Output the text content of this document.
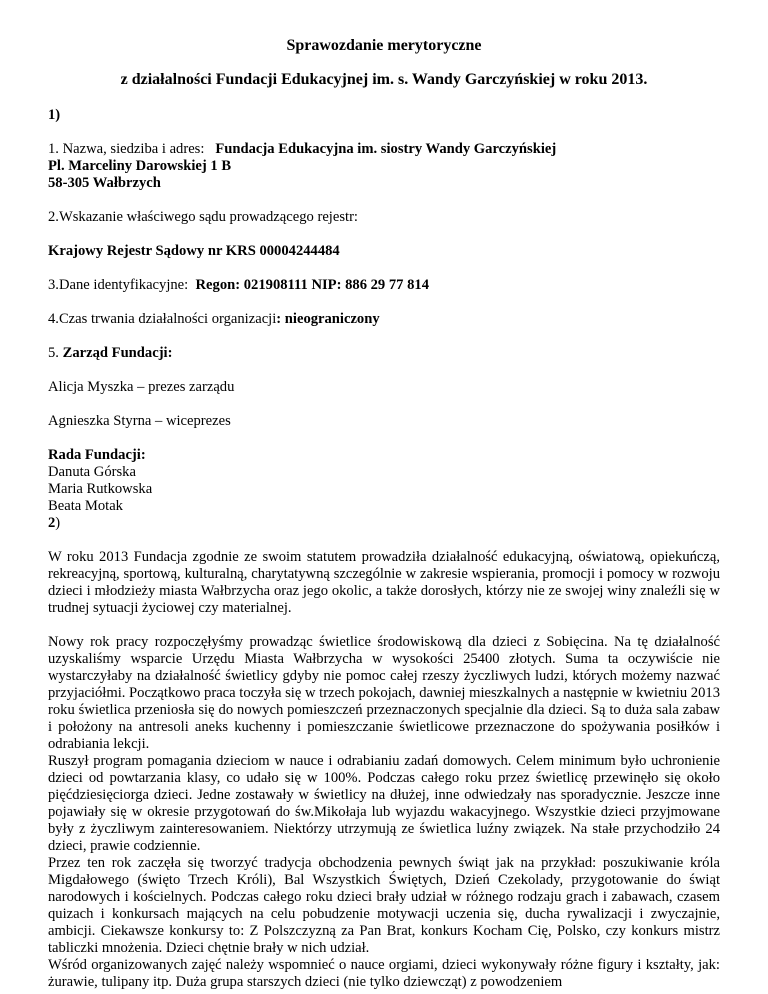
Sprawozdanie merytoryczne

z działalności Fundacji Edukacyjnej im. s. Wandy Garczyńskiej w roku 2013.

1)

1. Nazwa, siedziba i adres: Fundacja Edukacyjna im. siostry Wandy Garczyńskiej

Pl. Marceliny Darowskiej 1 B

58-305 Wałbrzych

2.Wskazanie właściwego sądu prowadzącego rejestr:

Krajowy Rejestr Sądowy nr KRS 00004244484

3.Dane identyfikacyjne: Regon: 021908111 NIP: 886 29 77 814

4.Czas trwania działalności organizacji: nieograniczony

5. Zarząd Fundacji:

Alicja Myszka – prezes zarządu

Agnieszka Styrna – wiceprezes

Rada Fundacji:

Danuta Górska

Maria Rutkowska

Beata Motak

2)

W roku 2013 Fundacja zgodnie ze swoim statutem prowadziła działalność edukacyjną, oświatową, opiekuńczą, rekreacyjną, sportową, kulturalną, charytatywną szczególnie w zakresie wspierania, promocji i pomocy w rozwoju dzieci i młodzieży miasta Wałbrzycha oraz jego okolic, a także dorosłych, którzy nie ze swojej winy znaleźli się w trudnej sytuacji życiowej czy materialnej.

Nowy rok pracy rozpoczęłyśmy prowadząc świetlice środowiskową dla dzieci z Sobięcina. Na tę działalność uzyskaliśmy wsparcie Urzędu Miasta Wałbrzycha w wysokości 25400 złotych. Suma ta oczywiście nie wystarczyłaby na działalność świetlicy gdyby nie pomoc całej rzeszy życzliwych ludzi, których możemy nazwać przyjaciółmi. Początkowo praca toczyła się w trzech pokojach, dawniej mieszkalnych a następnie w kwietniu 2013 roku świetlica przeniosła się do nowych pomieszczeń przeznaczonych specjalnie dla dzieci. Są to duża sala zabaw i położony na antresoli aneks kuchenny i pomieszczanie świetlicowe przeznaczone do spożywania posiłków i odrabiania lekcji.

Ruszył program pomagania dzieciom w nauce i odrabianiu zadań domowych. Celem minimum było uchronienie dzieci od powtarzania klasy, co udało się w 100%. Podczas całego roku przez świetlicę przewinęło się około pięćdziesięciorga dzieci. Jedne zostawały w świetlicy na dłużej, inne odwiedzały nas sporadycznie. Jeszcze inne pojawiały się w okresie przygotowań do św.Mikołaja lub wyjazdu wakacyjnego. Wszystkie dzieci przyjmowane były z życzliwym zainteresowaniem. Niektórzy utrzymują ze świetlica luźny związek. Na stałe przychodziło 24 dzieci, prawie codziennie.

Przez ten rok zaczęła się tworzyć tradycja obchodzenia pewnych świąt jak na przykład: poszukiwanie króla Migdałowego (święto Trzech Króli), Bal Wszystkich Świętych, Dzień Czekolady, przygotowanie do świąt narodowych i kościelnych. Podczas całego roku dzieci brały udział w różnego rodzaju grach i zabawach, czasem quizach i konkursach mających na celu pobudzenie motywacji uczenia się, ducha rywalizacji i zwyczajnie, ambicji. Ciekawsze konkursy to: Z Polszczyzną za Pan Brat, konkurs Kocham Cię, Polsko, czy konkurs mistrz tabliczki mnożenia. Dzieci chętnie brały w nich udział.

Wśród organizowanych zajęć należy wspomnieć o nauce orgiami, dzieci wykonywały różne figury i kształty, jak: żurawie, tulipany itp. Duża grupa starszych dzieci (nie tylko dziewcząt) z powodzeniem
